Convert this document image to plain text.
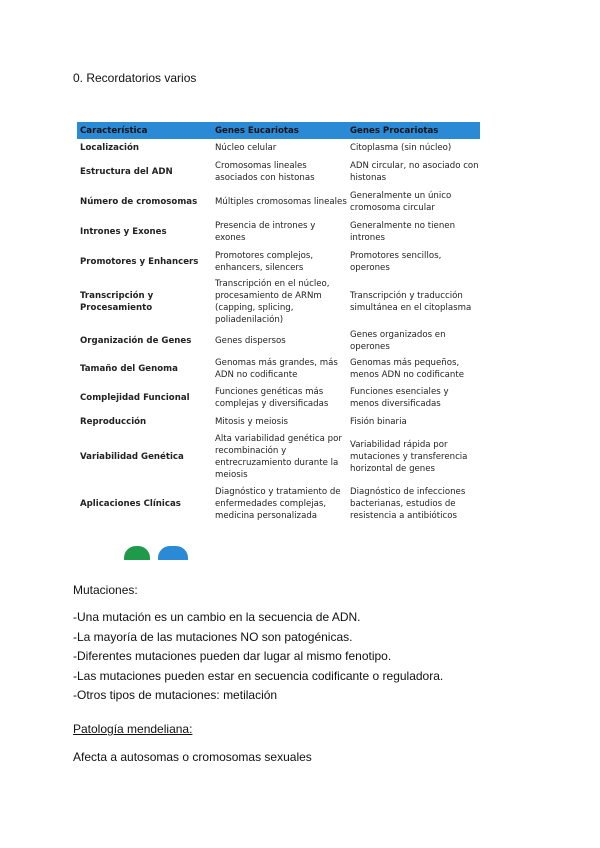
0. Recordatorios varios
Característica	Genes Eucariotas	Genes Procariotas
Localización	Núcleo celular	Citoplasma (sin núcleo)
Estructura del ADN	Cromosomas lineales asociados con histonas	ADN circular, no asociado con histonas
Número de cromosomas	Múltiples cromosomas lineales	Generalmente un único cromosoma circular
Intrones y Exones	Presencia de intrones y exones	Generalmente no tienen intrones
Promotores y Enhancers	Promotores complejos, enhancers, silencers	Promotores sencillos, operones
Transcripción y Procesamiento	Transcripción en el núcleo, procesamiento de ARNm (capping, splicing, poliadenilación)	Transcripción y traducción simultánea en el citoplasma
Organización de Genes	Genes dispersos	Genes organizados en operones
Tamaño del Genoma	Genomas más grandes, más ADN no codificante	Genomas más pequeños, menos ADN no codificante
Complejidad Funcional	Funciones genéticas más complejas y diversificadas	Funciones esenciales y menos diversificadas
Reproducción	Mitosis y meiosis	Fisión binaria
Variabilidad Genética	Alta variabilidad genética por recombinación y entrecruzamiento durante la meiosis	Variabilidad rápida por mutaciones y transferencia horizontal de genes
Aplicaciones Clínicas	Diagnóstico y tratamiento de enfermedades complejas, medicina personalizada	Diagnóstico de infecciones bacterianas, estudios de resistencia a antibióticos
Mutaciones:
-Una mutación es un cambio en la secuencia de ADN.
-La mayoría de las mutaciones NO son patogénicas.
-Diferentes mutaciones pueden dar lugar al mismo fenotipo.
-Las mutaciones pueden estar en secuencia codificante o reguladora.
-Otros tipos de mutaciones: metilación
Patología mendeliana:
Afecta a autosomas o cromosomas sexuales
